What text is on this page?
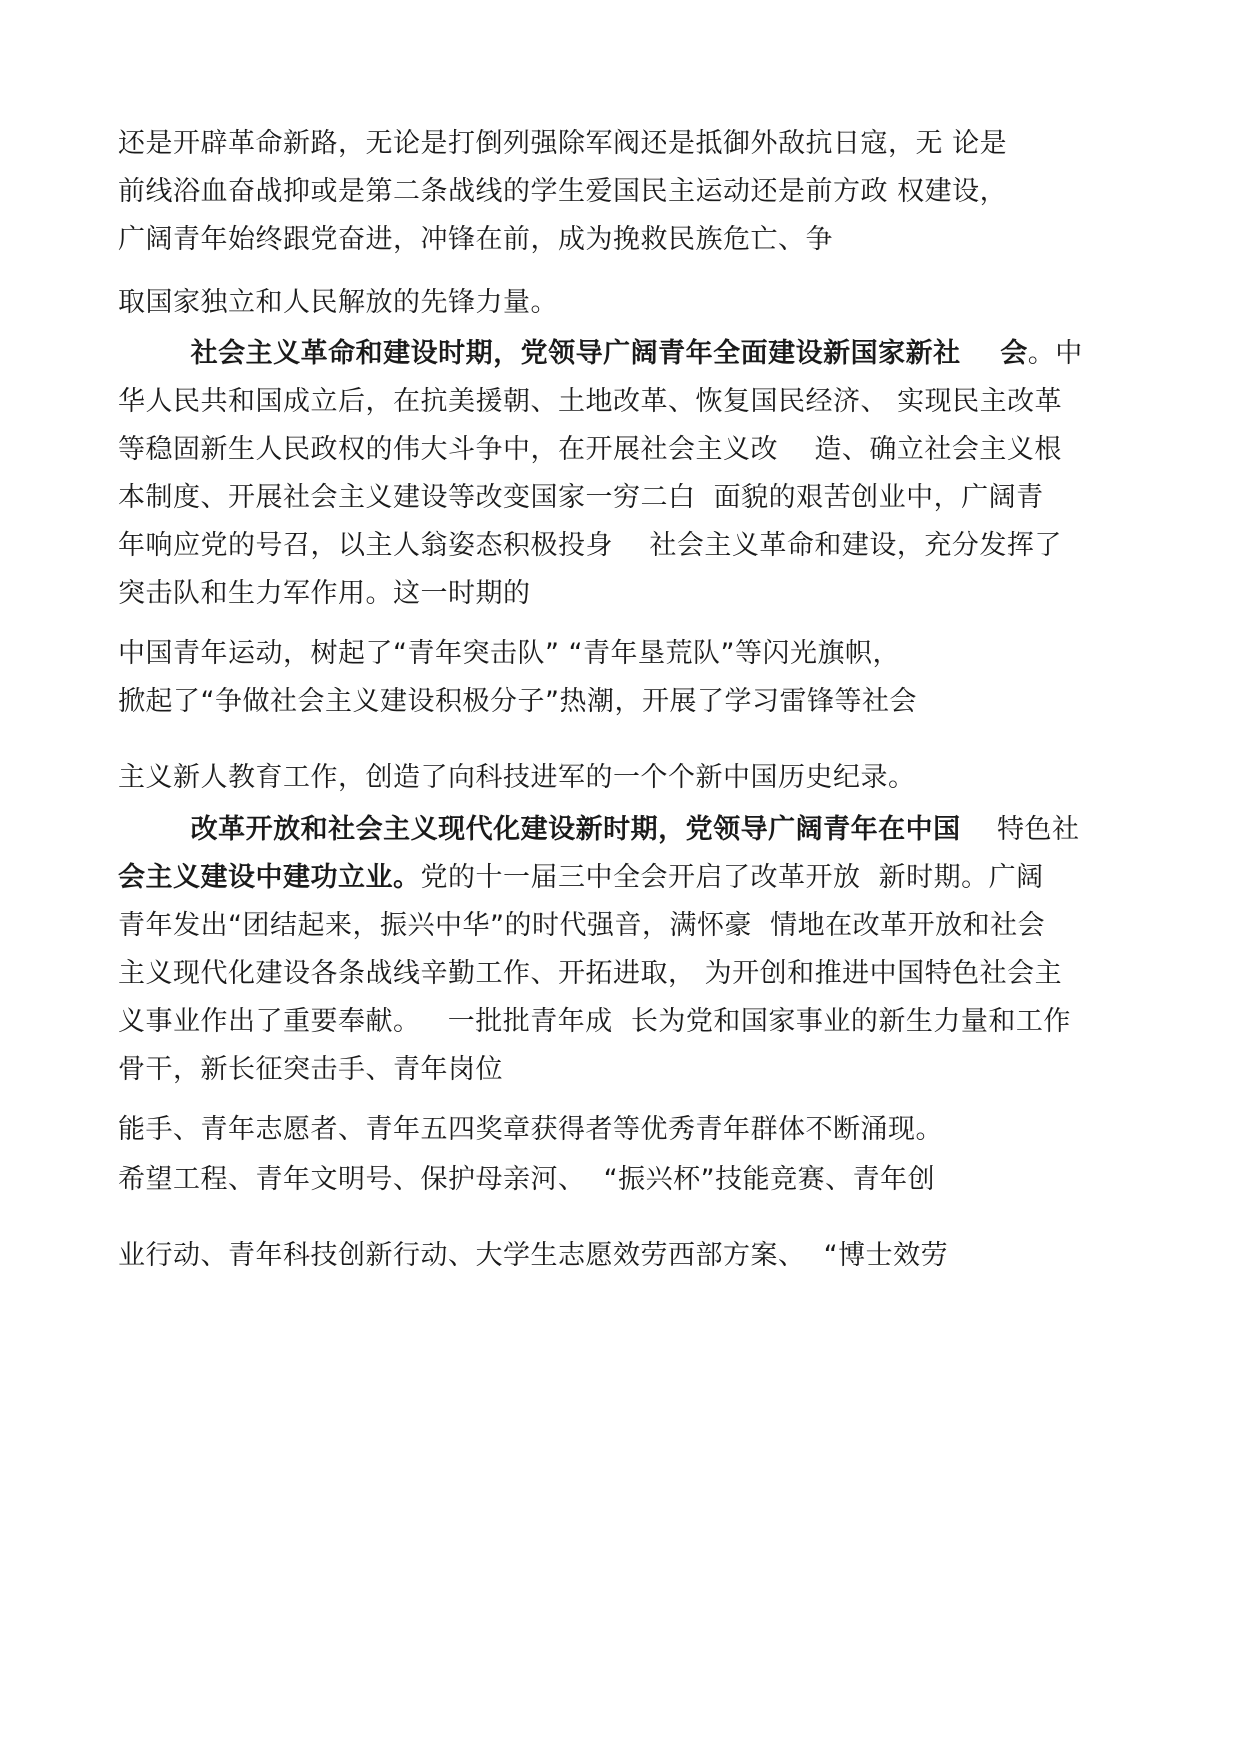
还是开辟革命新路，无论是打倒列强除军阀还是抵御外敌抗日寇，无 论是
前线浴血奋战抑或是第二条战线的学生爱国民主运动还是前方政 权建设，
广阔青年始终跟党奋进，冲锋在前，成为挽救民族危亡、争
取国家独立和人民解放的先锋力量。
社会主义革命和建设时期，党领导广阔青年全面建设新国家新社    会。中
华人民共和国成立后，在抗美援朝、土地改革、恢复国民经济、 实现民主改革
等稳固新生人民政权的伟大斗争中，在开展社会主义改    造、确立社会主义根
本制度、开展社会主义建设等改变国家一穷二白  面貌的艰苦创业中，广阔青
年响应党的号召，以主人翁姿态积极投身    社会主义革命和建设，充分发挥了
突击队和生力军作用。这一时期的
中国青年运动，树起了“青年突击队” “青年垦荒队”等闪光旗帜，
掀起了“争做社会主义建设积极分子”热潮，开展了学习雷锋等社会
主义新人教育工作，创造了向科技进军的一个个新中国历史纪录。
改革开放和社会主义现代化建设新时期，党领导广阔青年在中国    特色社
会主义建设中建功立业。党的十一届三中全会开启了改革开放  新时期。广阔
青年发出“团结起来，振兴中华”的时代强音，满怀豪  情地在改革开放和社会
主义现代化建设各条战线辛勤工作、开拓进取， 为开创和推进中国特色社会主
义事业作出了重要奉献。   一批批青年成  长为党和国家事业的新生力量和工作
骨干，新长征突击手、青年岗位
能手、青年志愿者、青年五四奖章获得者等优秀青年群体不断涌现。
希望工程、青年文明号、保护母亲河、  “振兴杯”技能竞赛、青年创
业行动、青年科技创新行动、大学生志愿效劳西部方案、  “博士效劳
